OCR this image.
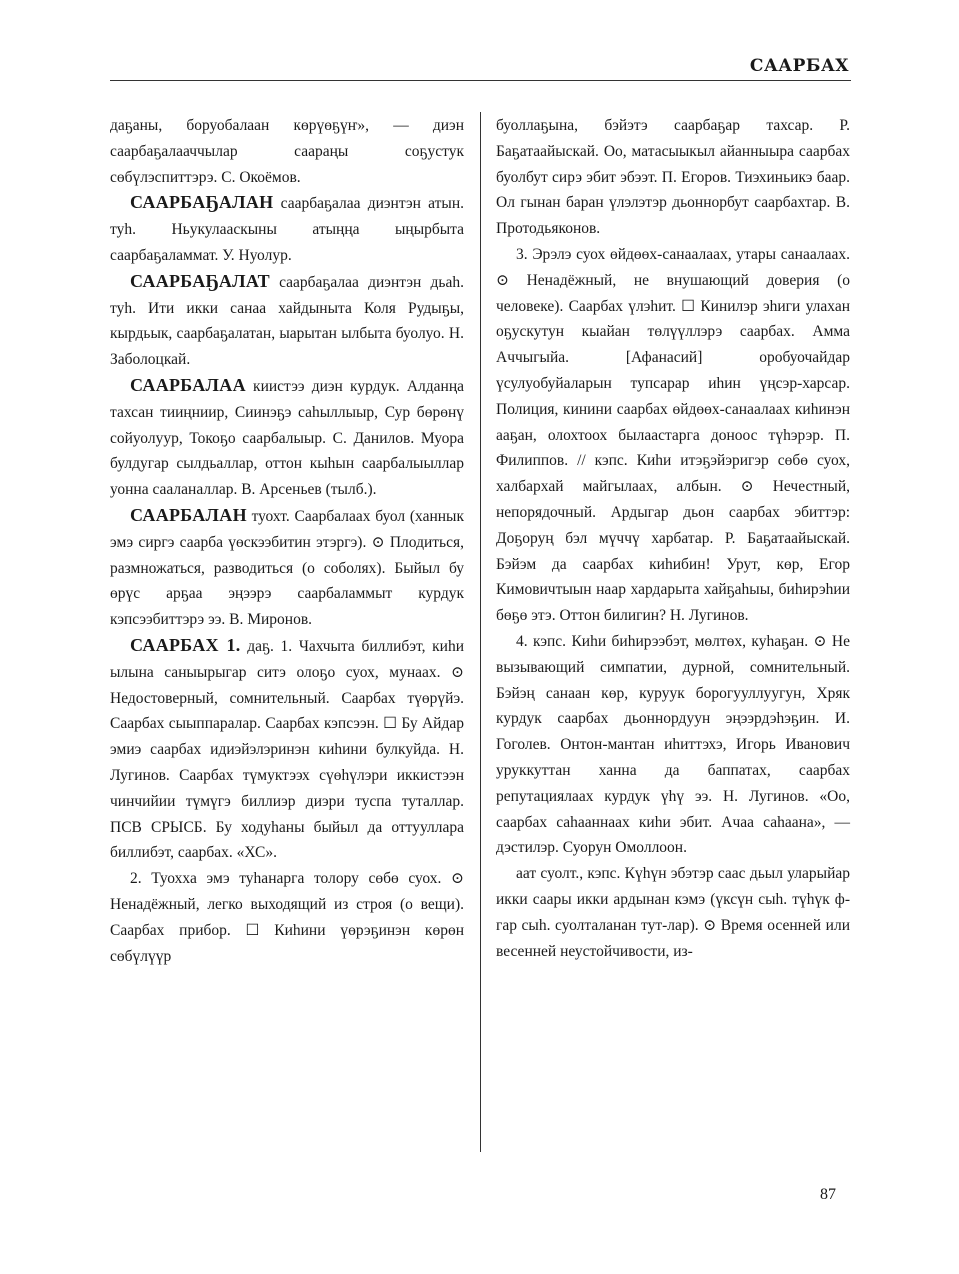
СААРБАХ

даҕаны, боруобалаан көрүөҕүҥ», — диэн саарбаҕалааччылар саараңы соҕустук сөбүлэспиттэрэ. С. Окоёмов.

СААРБАҔАЛАН саарбаҕалаа диэнтэн атын. туһ. Ньукулааскыны атыңңа ыңырбыта саарбаҕаламмат. У. Нуолур.

СААРБАҔАЛАТ саарбаҕалаа диэнтэн дьаһ. туһ. Ити икки санаа хайдыныта Коля Рудыҕы, кырдьык, саарбаҕалатан, ыарытан ылбыта буолуо. Н. Заболоцкай.

СААРБАЛАА киистээ диэн курдук. Алданңа тахсан тииңниир, Сиинэҕэ саһыллыыр, Сур бөрөнү сойуолуур, Токоҕо саарбалыыр. С. Данилов. Муора булдугар сылдьаллар, оттон кыһын саарбалыыллар уонна сааланаллар. В. Арсеньев (тылб.).

СААРБАЛАН туохт. Саарбалаах буол (ханнык эмэ сиргэ саарба үөскээбитин этэргэ). ⊙ Плодиться, размножаться, разводиться (о соболях). Быйыл бу өрүс арҕаа эңээрэ саарбаламмыт курдук кэпсээбиттэрэ ээ. В. Миронов.

СААРБАХ 1. даҕ. 1. Чахчыта биллибэт, киһи ылына саныырыгар ситэ олоҕо суох, мунаах. ⊙ Недостоверный, сомнительный. Саарбах түөрүйэ. Саарбах сыыппаралар. Саарбах кэпсээн. ☐ Бу Айдар эмиэ саарбах идиэйэлэринэн киһини булкуйда. Н. Лугинов. Саарбах түмуктээх сүөһүлэри иккистээн чинчийии түмүгэ биллиэр диэри туспа туталлар. ПСВ СРЫСБ. Бу ходуһаны быйыл да оттууллара биллибэт, саарбах. «ХС».

2. Туохха эмэ туһанарга толору сөбө суох. ⊙ Ненадёжный, легко выходящий из строя (о вещи). Саарбах прибор. ☐ Киһини үөрэҕинэн көрөн сөбүлүүр

буоллаҕына, бэйэтэ саарбаҕар тахсар. Р. Баҕатаайыскай. Оо, матасыыкыл айанныыра саарбах буолбут сирэ эбит эбээт. П. Егоров. Тиэхиньикэ баар. Ол гынан баран үлэлэтэр дьоннорбут саарбахтар. В. Протодьяконов.

3. Эрэлэ суох өйдөөх-санаалаах, утары санаалаах. ⊙ Ненадёжный, не внушающий доверия (о человеке). Саарбах үлэһит. ☐ Кинилэр эһиги улахан оҕускутун кыайан төлүүллэрэ саарбах. Амма Аччыгыйа. [Афанасий] оробуочайдар үсулуобуйаларын тупсарар иһин үңсэр-харсар. Полиция, кинини саарбах өйдөөх-санаалаах киһинэн ааҕан, олохтоох былаастарга доноос түһэрэр. П. Филиппов. // кэпс. Киһи итэҕэйэригэр сөбө суох, халбархай майгылаах, албын. ⊙ Нечестный, непорядочный. Ардыгар дьон саарбах эбиттэр: Доҕоруң бэл мүччү харбатар. Р. Баҕатаайыскай. Бэйэм да саарбах киһибин! Урут, көр, Егор Кимовичтыын наар хардарыта хайҕаһыы, биһирэһии бөҕө этэ. Оттон билигин? Н. Лугинов.

4. кэпс. Киһи биһирээбэт, мөлтөх, куһаҕан. ⊙ Не вызывающий симпатии, дурной, сомнительный. Бэйэң санаан көр, куруук борогууллуугун, Хряк курдук саарбах дьоннордуун эңээрдэһэҕин. И. Гоголев. Онтон-мантан иһиттэхэ, Игорь Иванович уруккуттан ханна да баппатах, саарбах репутациялаах курдук үһү ээ. Н. Лугинов. «Оо, саарбах саһааннаах киһи эбит. Ачаа саһаана», — дэстилэр. Суорун Омоллоон.

аат суолт., кэпс. Күһүн эбэтэр саас дьыл уларыйар икки саары икки ардынан кэмэ (үксүн сыһ. түһүк ф-гар сыһ. суолталанан тут-лар). ⊙ Время осенней или весенней неустойчивости, из-

87
